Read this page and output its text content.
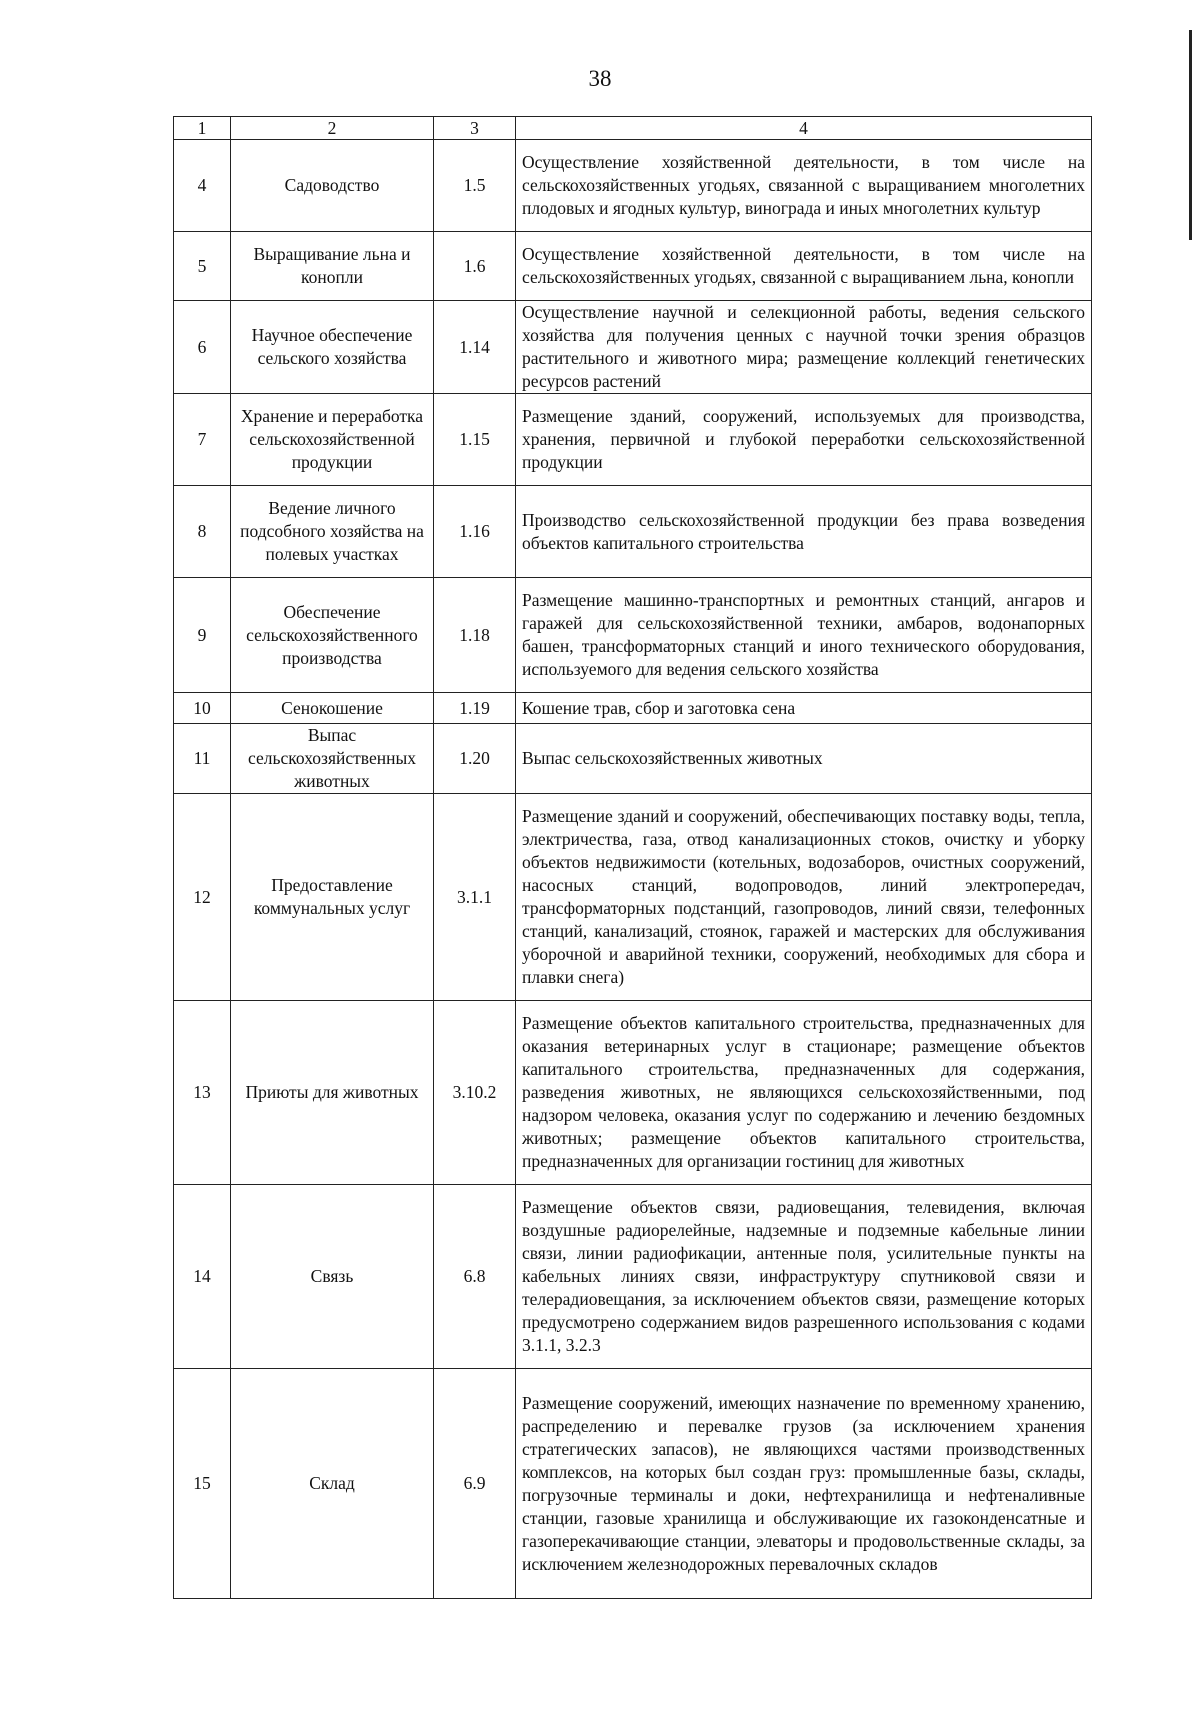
38
1	2	3	4
4	Садоводство	1.5	Осуществление хозяйственной деятельности, в том числе на сельскохозяйственных угодьях, связанной с выращиванием многолетних плодовых и ягодных культур, винограда и иных многолетних культур
5	Выращивание льна и конопли	1.6	Осуществление хозяйственной деятельности, в том числе на сельскохозяйственных угодьях, связанной с выращиванием льна, конопли
6	Научное обеспечение сельского хозяйства	1.14	Осуществление научной и селекционной работы, ведения сельского хозяйства для получения ценных с научной точки зрения образцов растительного и животного мира; размещение коллекций генетических ресурсов растений
7	Хранение и переработка сельскохозяйственной продукции	1.15	Размещение зданий, сооружений, используемых для производства, хранения, первичной и глубокой переработки сельскохозяйственной продукции
8	Ведение личного подсобного хозяйства на полевых участках	1.16	Производство сельскохозяйственной продукции без права возведения объектов капитального строительства
9	Обеспечение сельскохозяйственного производства	1.18	Размещение машинно-транспортных и ремонтных станций, ангаров и гаражей для сельскохозяйственной техники, амбаров, водонапорных башен, трансформаторных станций и иного технического оборудования, используемого для ведения сельского хозяйства
10	Сенокошение	1.19	Кошение трав, сбор и заготовка сена
11	Выпас сельскохозяйственных животных	1.20	Выпас сельскохозяйственных животных
12	Предоставление коммунальных услуг	3.1.1	Размещение зданий и сооружений, обеспечивающих поставку воды, тепла, электричества, газа, отвод канализационных стоков, очистку и уборку объектов недвижимости (котельных, водозаборов, очистных сооружений, насосных станций, водопроводов, линий электропередач, трансформаторных подстанций, газопроводов, линий связи, телефонных станций, канализаций, стоянок, гаражей и мастерских для обслуживания уборочной и аварийной техники, сооружений, необходимых для сбора и плавки снега)
13	Приюты для животных	3.10.2	Размещение объектов капитального строительства, предназначенных для оказания ветеринарных услуг в стационаре; размещение объектов капитального строительства, предназначенных для содержания, разведения животных, не являющихся сельскохозяйственными, под надзором человека, оказания услуг по содержанию и лечению бездомных животных; размещение объектов капитального строительства, предназначенных для организации гостиниц для животных
14	Связь	6.8	Размещение объектов связи, радиовещания, телевидения, включая воздушные радиорелейные, надземные и подземные кабельные линии связи, линии радиофикации, антенные поля, усилительные пункты на кабельных линиях связи, инфраструктуру спутниковой связи и телерадиовещания, за исключением объектов связи, размещение которых предусмотрено содержанием видов разрешенного использования с кодами 3.1.1, 3.2.3
15	Склад	6.9	Размещение сооружений, имеющих назначение по временному хранению, распределению и перевалке грузов (за исключением хранения стратегических запасов), не являющихся частями производственных комплексов, на которых был создан груз: промышленные базы, склады, погрузочные терминалы и доки, нефтехранилища и нефтеналивные станции, газовые хранилища и обслуживающие их газоконденсатные и газоперекачивающие станции, элеваторы и продовольственные склады, за исключением железнодорожных перевалочных складов
